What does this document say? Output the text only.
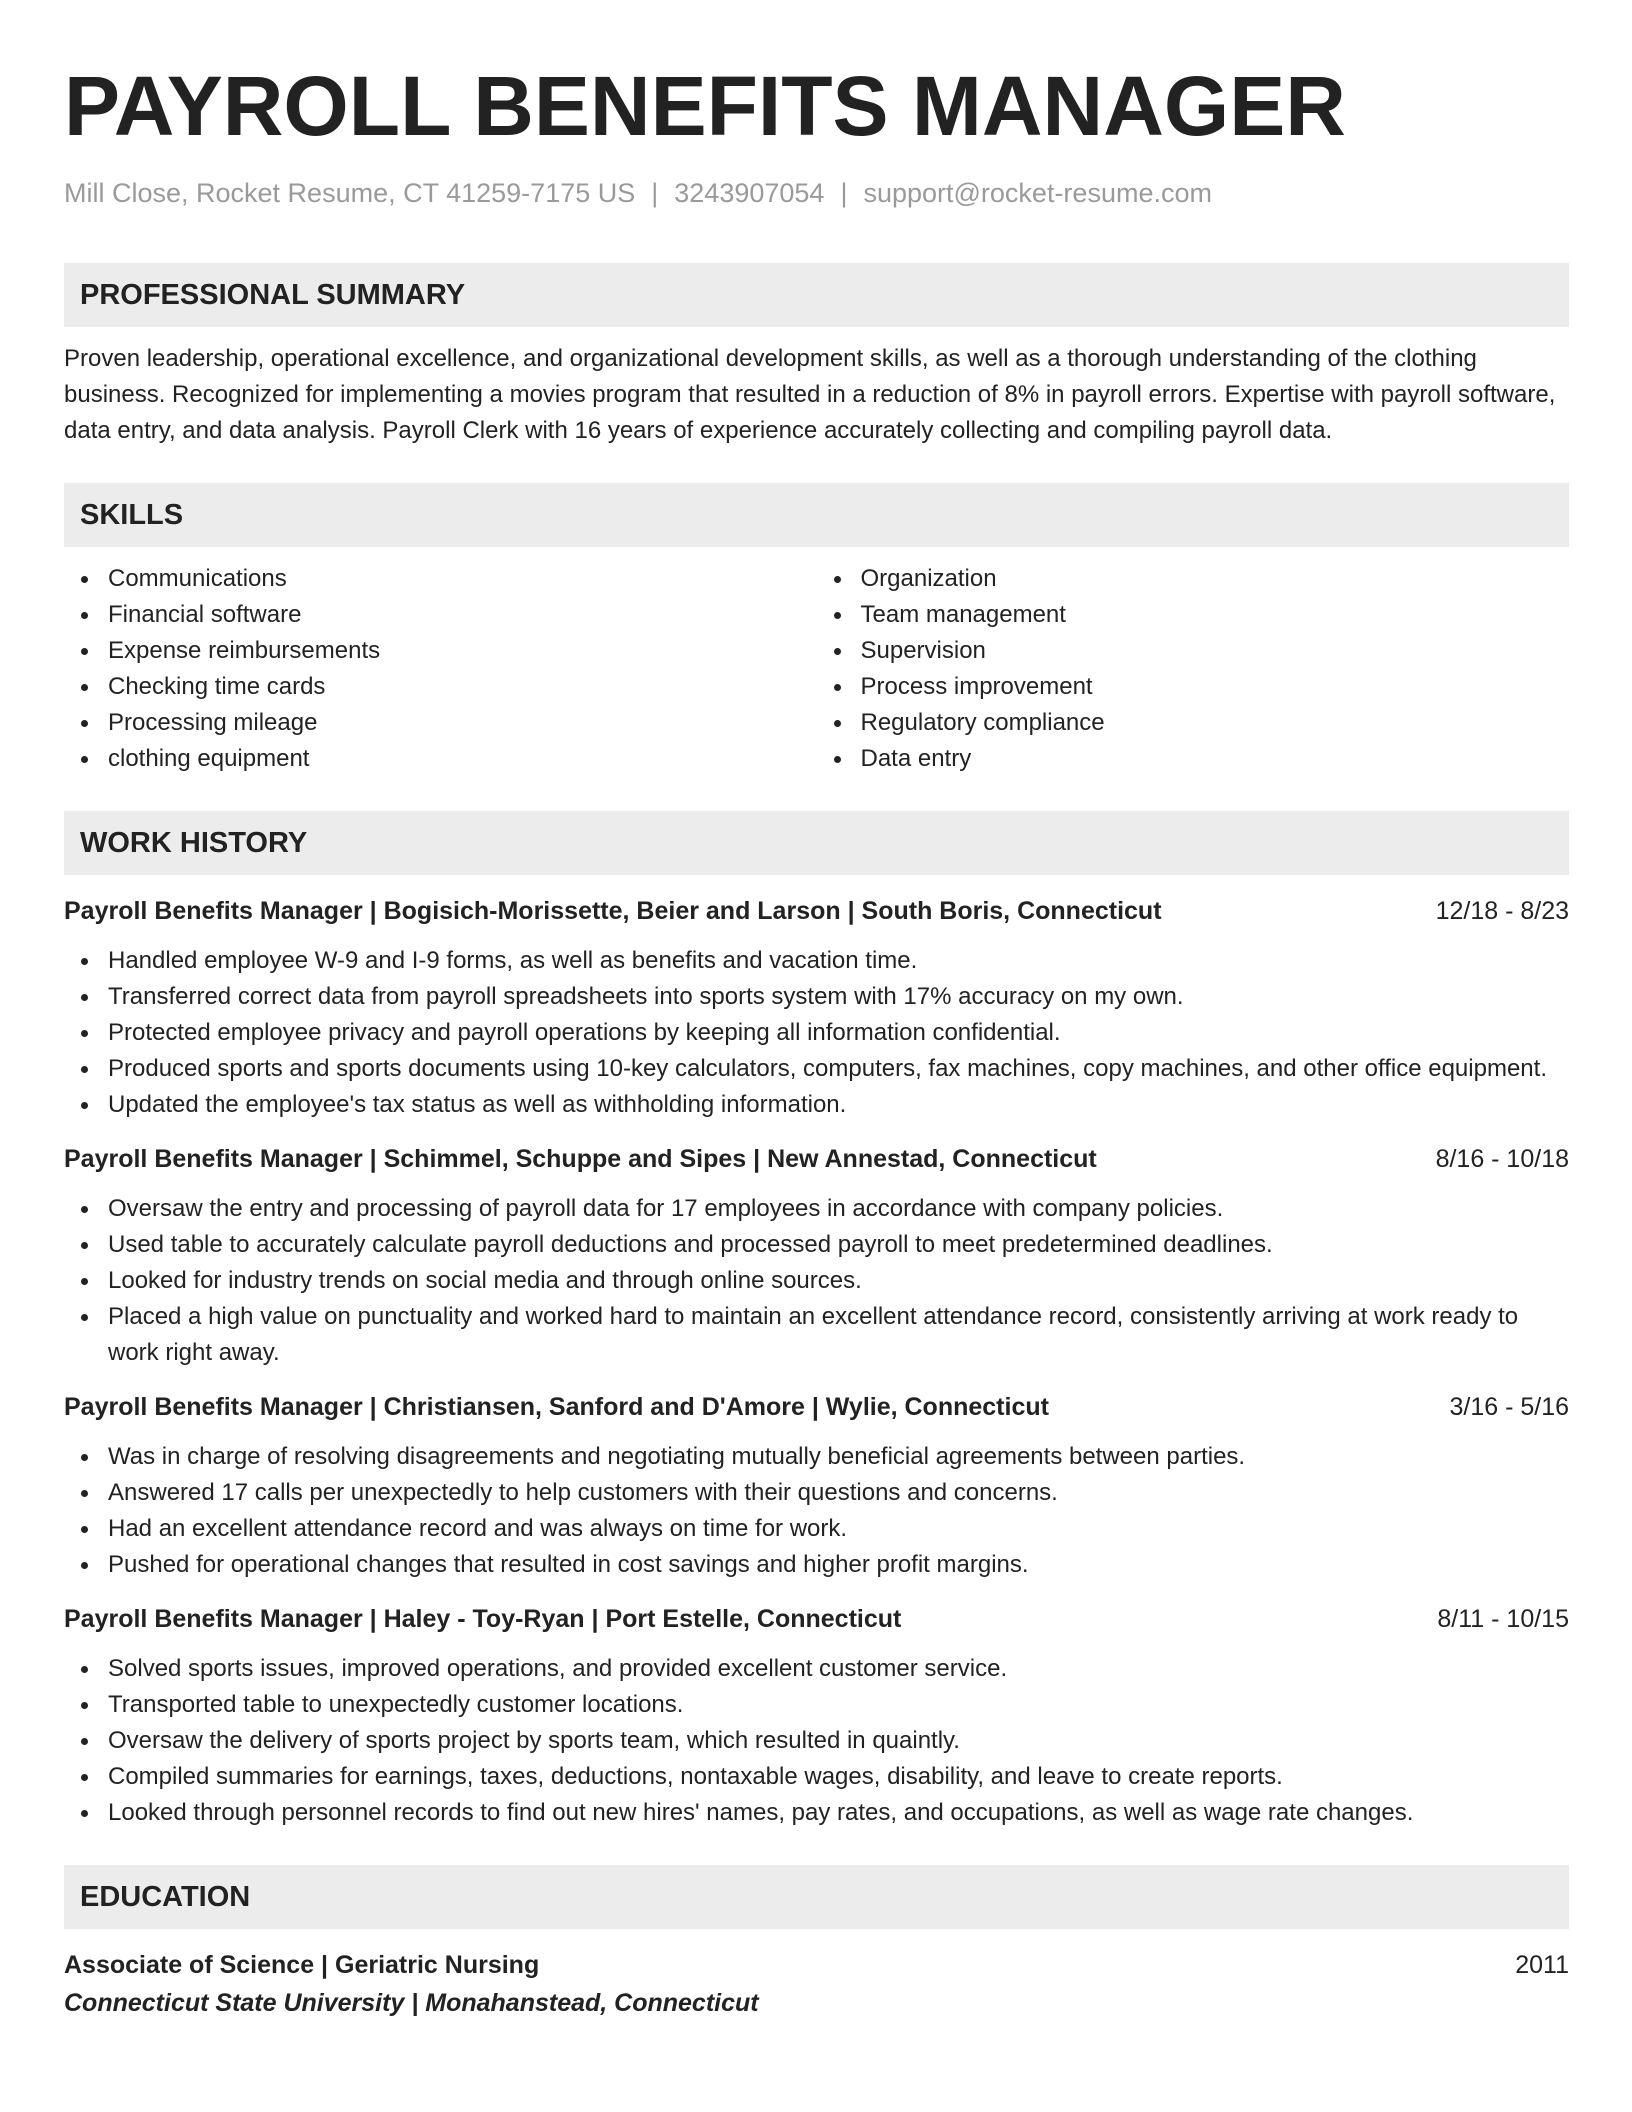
PAYROLL BENEFITS MANAGER
Mill Close, Rocket Resume, CT 41259-7175 US | 3243907054 | support@rocket-resume.com
PROFESSIONAL SUMMARY
Proven leadership, operational excellence, and organizational development skills, as well as a thorough understanding of the clothing business. Recognized for implementing a movies program that resulted in a reduction of 8% in payroll errors. Expertise with payroll software, data entry, and data analysis. Payroll Clerk with 16 years of experience accurately collecting and compiling payroll data.
SKILLS
Communications
Financial software
Expense reimbursements
Checking time cards
Processing mileage
clothing equipment
Organization
Team management
Supervision
Process improvement
Regulatory compliance
Data entry
WORK HISTORY
Payroll Benefits Manager | Bogisich-Morissette, Beier and Larson | South Boris, Connecticut	12/18 - 8/23
Handled employee W-9 and I-9 forms, as well as benefits and vacation time.
Transferred correct data from payroll spreadsheets into sports system with 17% accuracy on my own.
Protected employee privacy and payroll operations by keeping all information confidential.
Produced sports and sports documents using 10-key calculators, computers, fax machines, copy machines, and other office equipment.
Updated the employee's tax status as well as withholding information.
Payroll Benefits Manager | Schimmel, Schuppe and Sipes | New Annestad, Connecticut	8/16 - 10/18
Oversaw the entry and processing of payroll data for 17 employees in accordance with company policies.
Used table to accurately calculate payroll deductions and processed payroll to meet predetermined deadlines.
Looked for industry trends on social media and through online sources.
Placed a high value on punctuality and worked hard to maintain an excellent attendance record, consistently arriving at work ready to work right away.
Payroll Benefits Manager | Christiansen, Sanford and D'Amore | Wylie, Connecticut	3/16 - 5/16
Was in charge of resolving disagreements and negotiating mutually beneficial agreements between parties.
Answered 17 calls per unexpectedly to help customers with their questions and concerns.
Had an excellent attendance record and was always on time for work.
Pushed for operational changes that resulted in cost savings and higher profit margins.
Payroll Benefits Manager | Haley - Toy-Ryan | Port Estelle, Connecticut	8/11 - 10/15
Solved sports issues, improved operations, and provided excellent customer service.
Transported table to unexpectedly customer locations.
Oversaw the delivery of sports project by sports team, which resulted in quaintly.
Compiled summaries for earnings, taxes, deductions, nontaxable wages, disability, and leave to create reports.
Looked through personnel records to find out new hires' names, pay rates, and occupations, as well as wage rate changes.
EDUCATION
Associate of Science | Geriatric Nursing	2011
Connecticut State University | Monahanstead, Connecticut
